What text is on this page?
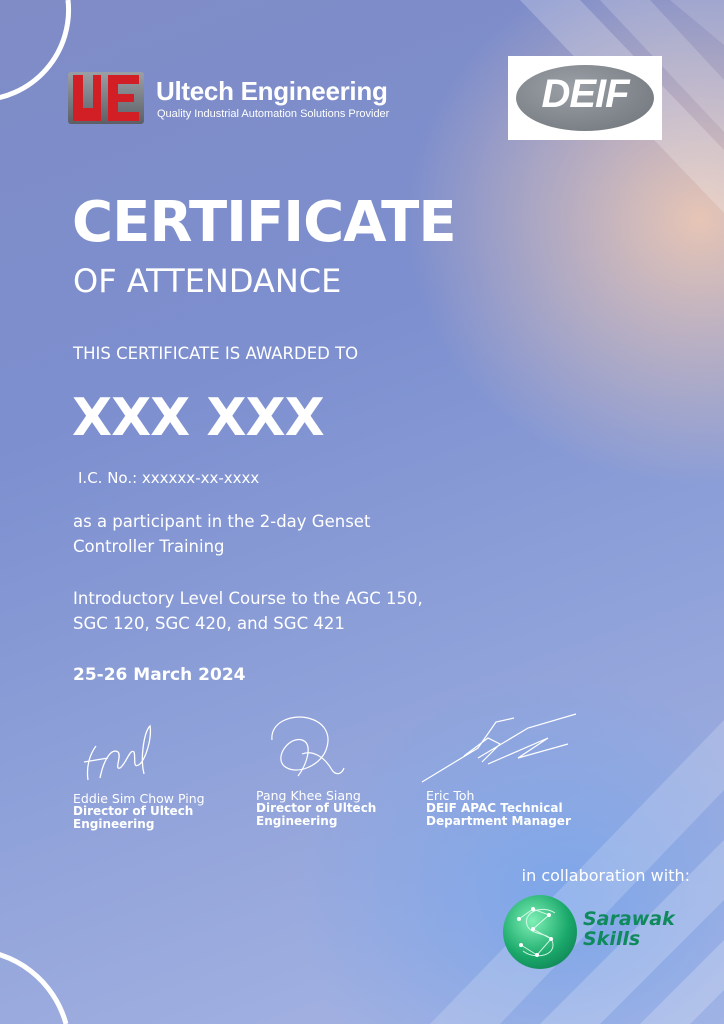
Ultech Engineering
Quality Industrial Automation Solutions Provider	DEIF
CERTIFICATE
OF ATTENDANCE
THIS CERTIFICATE IS AWARDED TO
XXX XXX
I.C. No.: xxxxxx-xx-xxxx
as a participant in the 2-day Genset
Controller Training
Introductory Level Course to the AGC 150,
SGC 120, SGC 420, and SGC 421
25-26 March 2024
Eddie Sim Chow Ping
Director of Ultech
Engineering
Pang Khee Siang
Director of Ultech
Engineering
Eric Toh
DEIF APAC Technical
Department Manager
in collaboration with:
Sarawak
Skills
